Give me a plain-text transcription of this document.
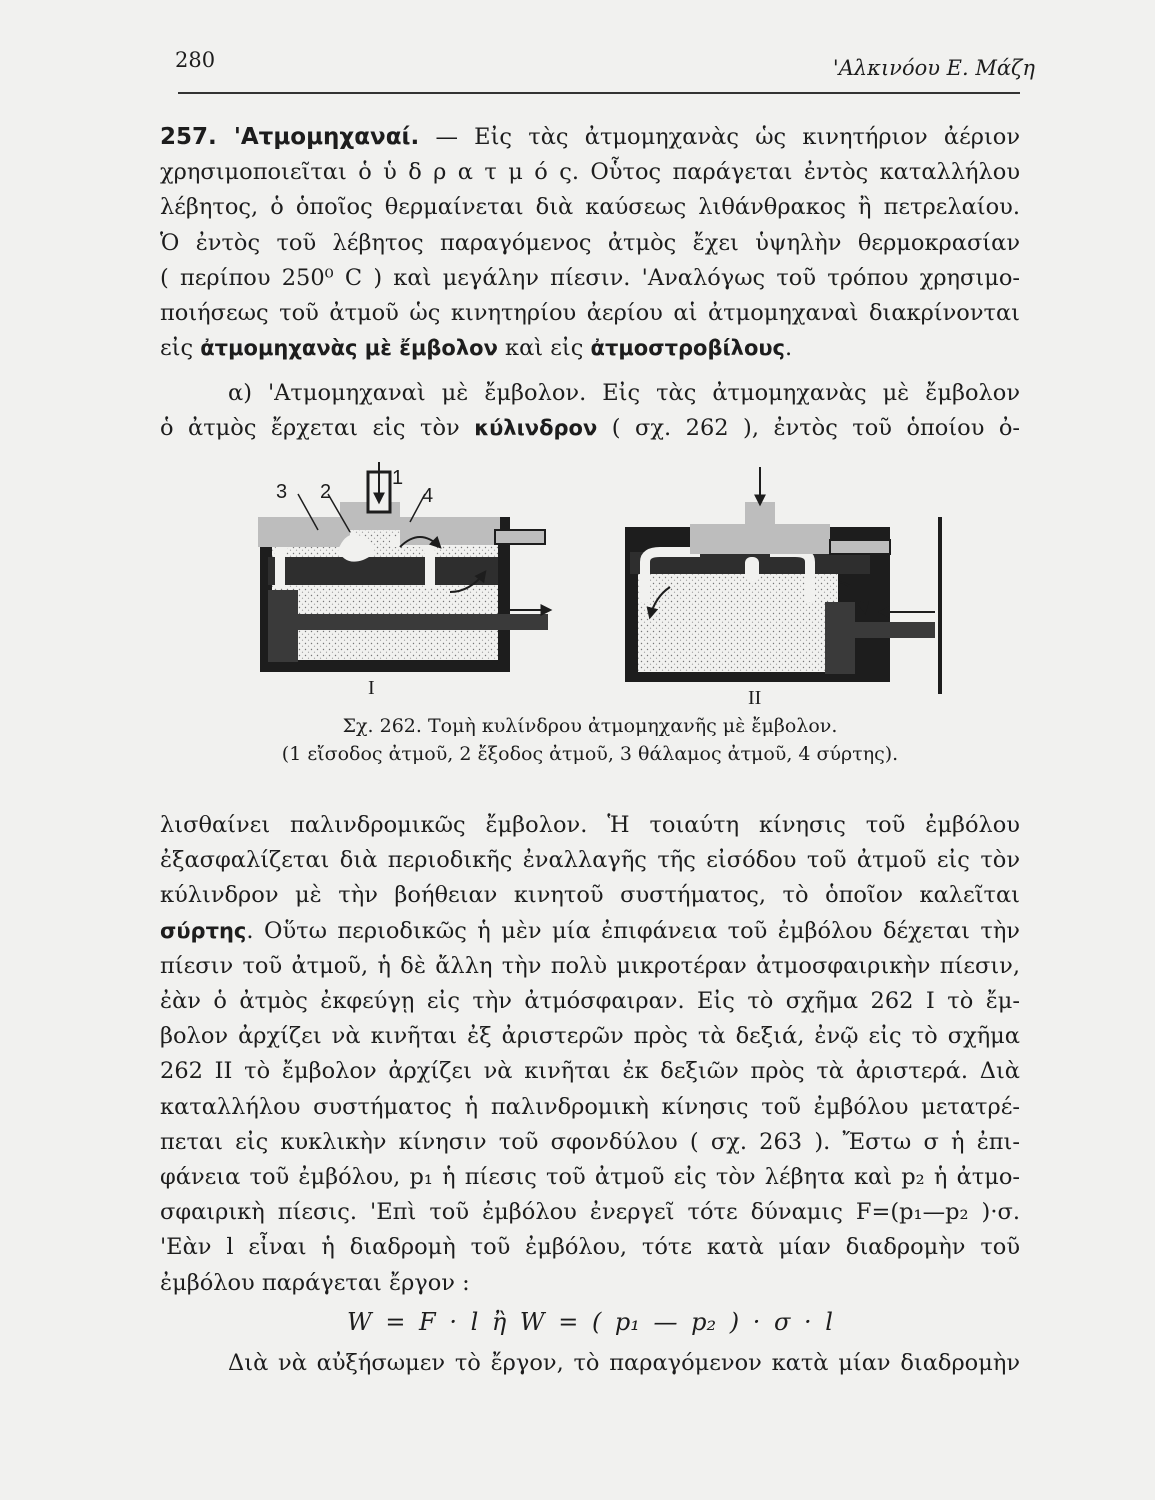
280	'Αλκινόου Ε. Μάζη
257. 'Ατμομηχαναί. — Εἰς τὰς ἀτμομηχανὰς ὡς κινητήριον ἀέριον
χρησιμοποιεῖται ὁ ὑ δ ρ α τ μ ό ς. Οὗτος παράγεται ἐντὸς καταλλήλου
λέβητος, ὁ ὁποῖος θερμαίνεται διὰ καύσεως λιθάνθρακος ἢ πετρελαίου.
Ὁ ἐντὸς τοῦ λέβητος παραγόμενος ἀτμὸς ἔχει ὑψηλὴν θερμοκρασίαν
( περίπου 250⁰ C ) καὶ μεγάλην πίεσιν. 'Αναλόγως τοῦ τρόπου χρησιμο-
ποιήσεως τοῦ ἀτμοῦ ὡς κινητηρίου ἀερίου αἱ ἀτμομηχαναὶ διακρίνονται
εἰς ἀτμομηχανὰς μὲ ἔμβολον καὶ εἰς ἀτμοστροβίλους.
α) 'Ατμομηχαναὶ μὲ ἔμβολον. Εἰς τὰς ἀτμομηχανὰς μὲ ἔμβολον
ὁ ἀτμὸς ἔρχεται εἰς τὸν κύλινδρον ( σχ. 262 ), ἐντὸς τοῦ ὁποίου ὀ-
1
2
3	4
I	II
Σχ. 262. Τομὴ κυλίνδρου ἀτμομηχανῆς μὲ ἔμβολον.
(1 εἴσοδος ἀτμοῦ, 2 ἔξοδος ἀτμοῦ, 3 θάλαμος ἀτμοῦ, 4 σύρτης).
λισθαίνει παλινδρομικῶς ἔμβολον. Ἡ τοιαύτη κίνησις τοῦ ἐμβόλου
ἐξασφαλίζεται διὰ περιοδικῆς ἐναλλαγῆς τῆς εἰσόδου τοῦ ἀτμοῦ εἰς τὸν
κύλινδρον μὲ τὴν βοήθειαν κινητοῦ συστήματος, τὸ ὁποῖον καλεῖται
σύρτης. Οὕτω περιοδικῶς ἡ μὲν μία ἐπιφάνεια τοῦ ἐμβόλου δέχεται τὴν
πίεσιν τοῦ ἀτμοῦ, ἡ δὲ ἄλλη τὴν πολὺ μικροτέραν ἀτμοσφαιρικὴν πίεσιν,
ἐὰν ὁ ἀτμὸς ἐκφεύγῃ εἰς τὴν ἀτμόσφαιραν. Εἰς τὸ σχῆμα 262 I τὸ ἔμ-
βολον ἀρχίζει νὰ κινῆται ἐξ ἀριστερῶν πρὸς τὰ δεξιά, ἐνῷ εἰς τὸ σχῆμα
262 II τὸ ἔμβολον ἀρχίζει νὰ κινῆται ἐκ δεξιῶν πρὸς τὰ ἀριστερά. Διὰ
καταλλήλου συστήματος ἡ παλινδρομικὴ κίνησις τοῦ ἐμβόλου μετατρέ-
πεται εἰς κυκλικὴν κίνησιν τοῦ σφονδύλου ( σχ. 263 ). Ἔστω σ ἡ ἐπι-
φάνεια τοῦ ἐμβόλου, p₁ ἡ πίεσις τοῦ ἀτμοῦ εἰς τὸν λέβητα καὶ p₂ ἡ ἀτμο-
σφαιρικὴ πίεσις. 'Επὶ τοῦ ἐμβόλου ἐνεργεῖ τότε δύναμις F=(p₁—p₂ )·σ.
'Εὰν l εἶναι ἡ διαδρομὴ τοῦ ἐμβόλου, τότε κατὰ μίαν διαδρομὴν τοῦ
ἐμβόλου παράγεται ἔργον :
W = F · l ἢ W = ( p₁ — p₂ ) · σ · l
Διὰ νὰ αὐξήσωμεν τὸ ἔργον, τὸ παραγόμενον κατὰ μίαν διαδρομὴν
